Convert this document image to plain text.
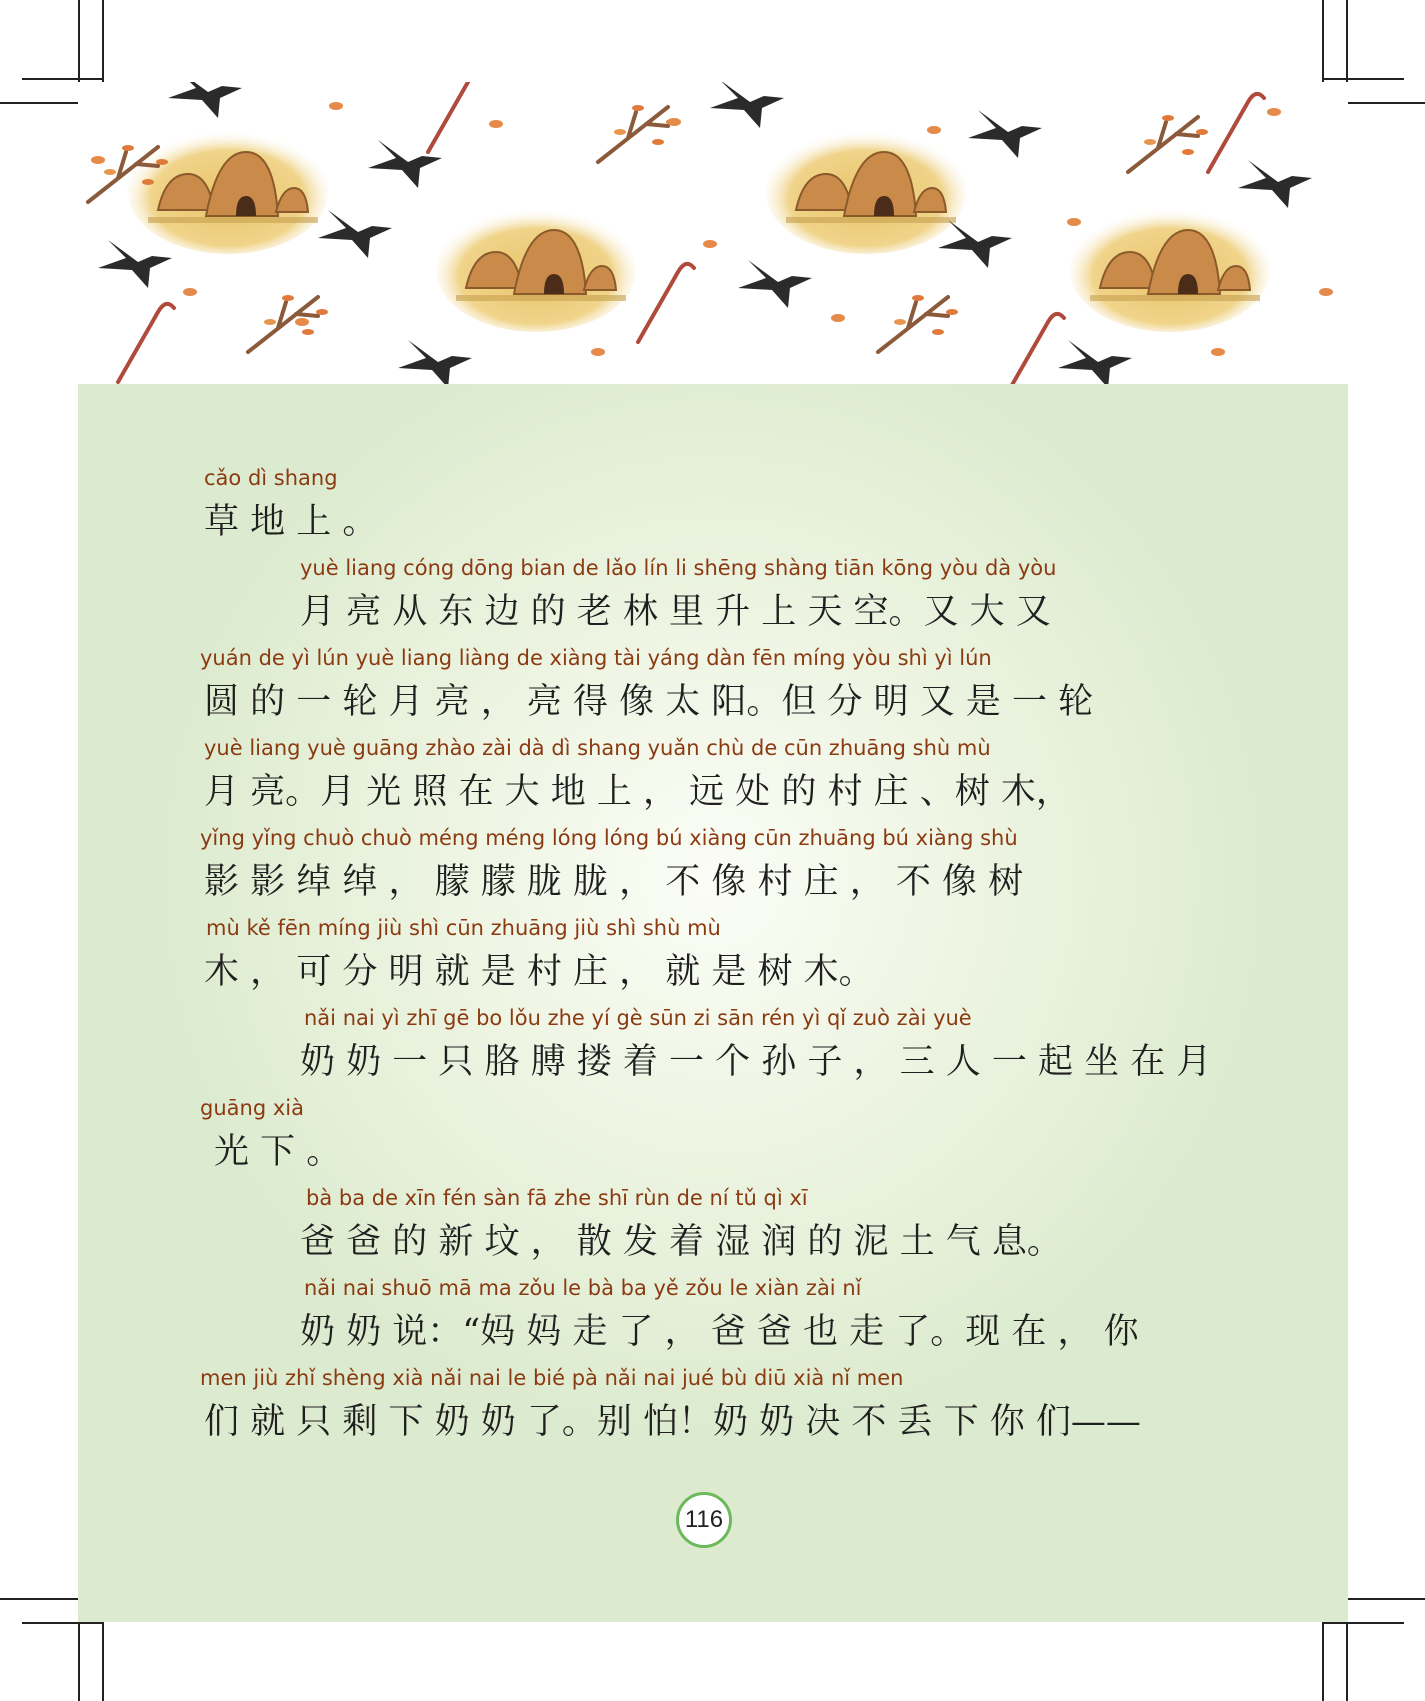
cǎo dì shang
草 地 上 。
yuè liang cóng dōng bian de lǎo lín li shēng shàng tiān kōng yòu dà yòu
月 亮 从 东 边 的 老 林 里 升 上 天 空。又 大 又
yuán de yì lún yuè liang liàng de xiàng tài yáng dàn fēn míng yòu shì yì lún
圆 的 一 轮 月 亮 ， 亮 得 像 太 阳。但 分 明 又 是 一 轮
yuè liang yuè guāng zhào zài dà dì shang yuǎn chù de cūn zhuāng shù mù
月 亮。月 光 照 在 大 地 上 ， 远 处 的 村 庄 、树 木，
yǐng yǐng chuò chuò méng méng lóng lóng bú xiàng cūn zhuāng bú xiàng shù
影 影 绰 绰 ， 朦 朦 胧 胧 ， 不 像 村 庄 ， 不 像 树
mù kě fēn míng jiù shì cūn zhuāng jiù shì shù mù
木 ， 可 分 明 就 是 村 庄 ， 就 是 树 木。
nǎi nai yì zhī gē bo lǒu zhe yí gè sūn zi sān rén yì qǐ zuò zài yuè
奶 奶 一 只 胳 膊 搂 着 一 个 孙 子 ， 三 人 一 起 坐 在 月
guāng xià
光 下 。
bà ba de xīn fén sàn fā zhe shī rùn de ní tǔ qì xī
爸 爸 的 新 坟 ， 散 发 着 湿 润 的 泥 土 气 息。
nǎi nai shuō mā ma zǒu le bà ba yě zǒu le xiàn zài nǐ
奶 奶 说：“妈 妈 走 了 ， 爸 爸 也 走 了。现 在 ， 你
men jiù zhǐ shèng xià nǎi nai le bié pà nǎi nai jué bù diū xià nǐ men
们 就 只 剩 下 奶 奶 了。别 怕！奶 奶 决 不 丢 下 你 们——
116
